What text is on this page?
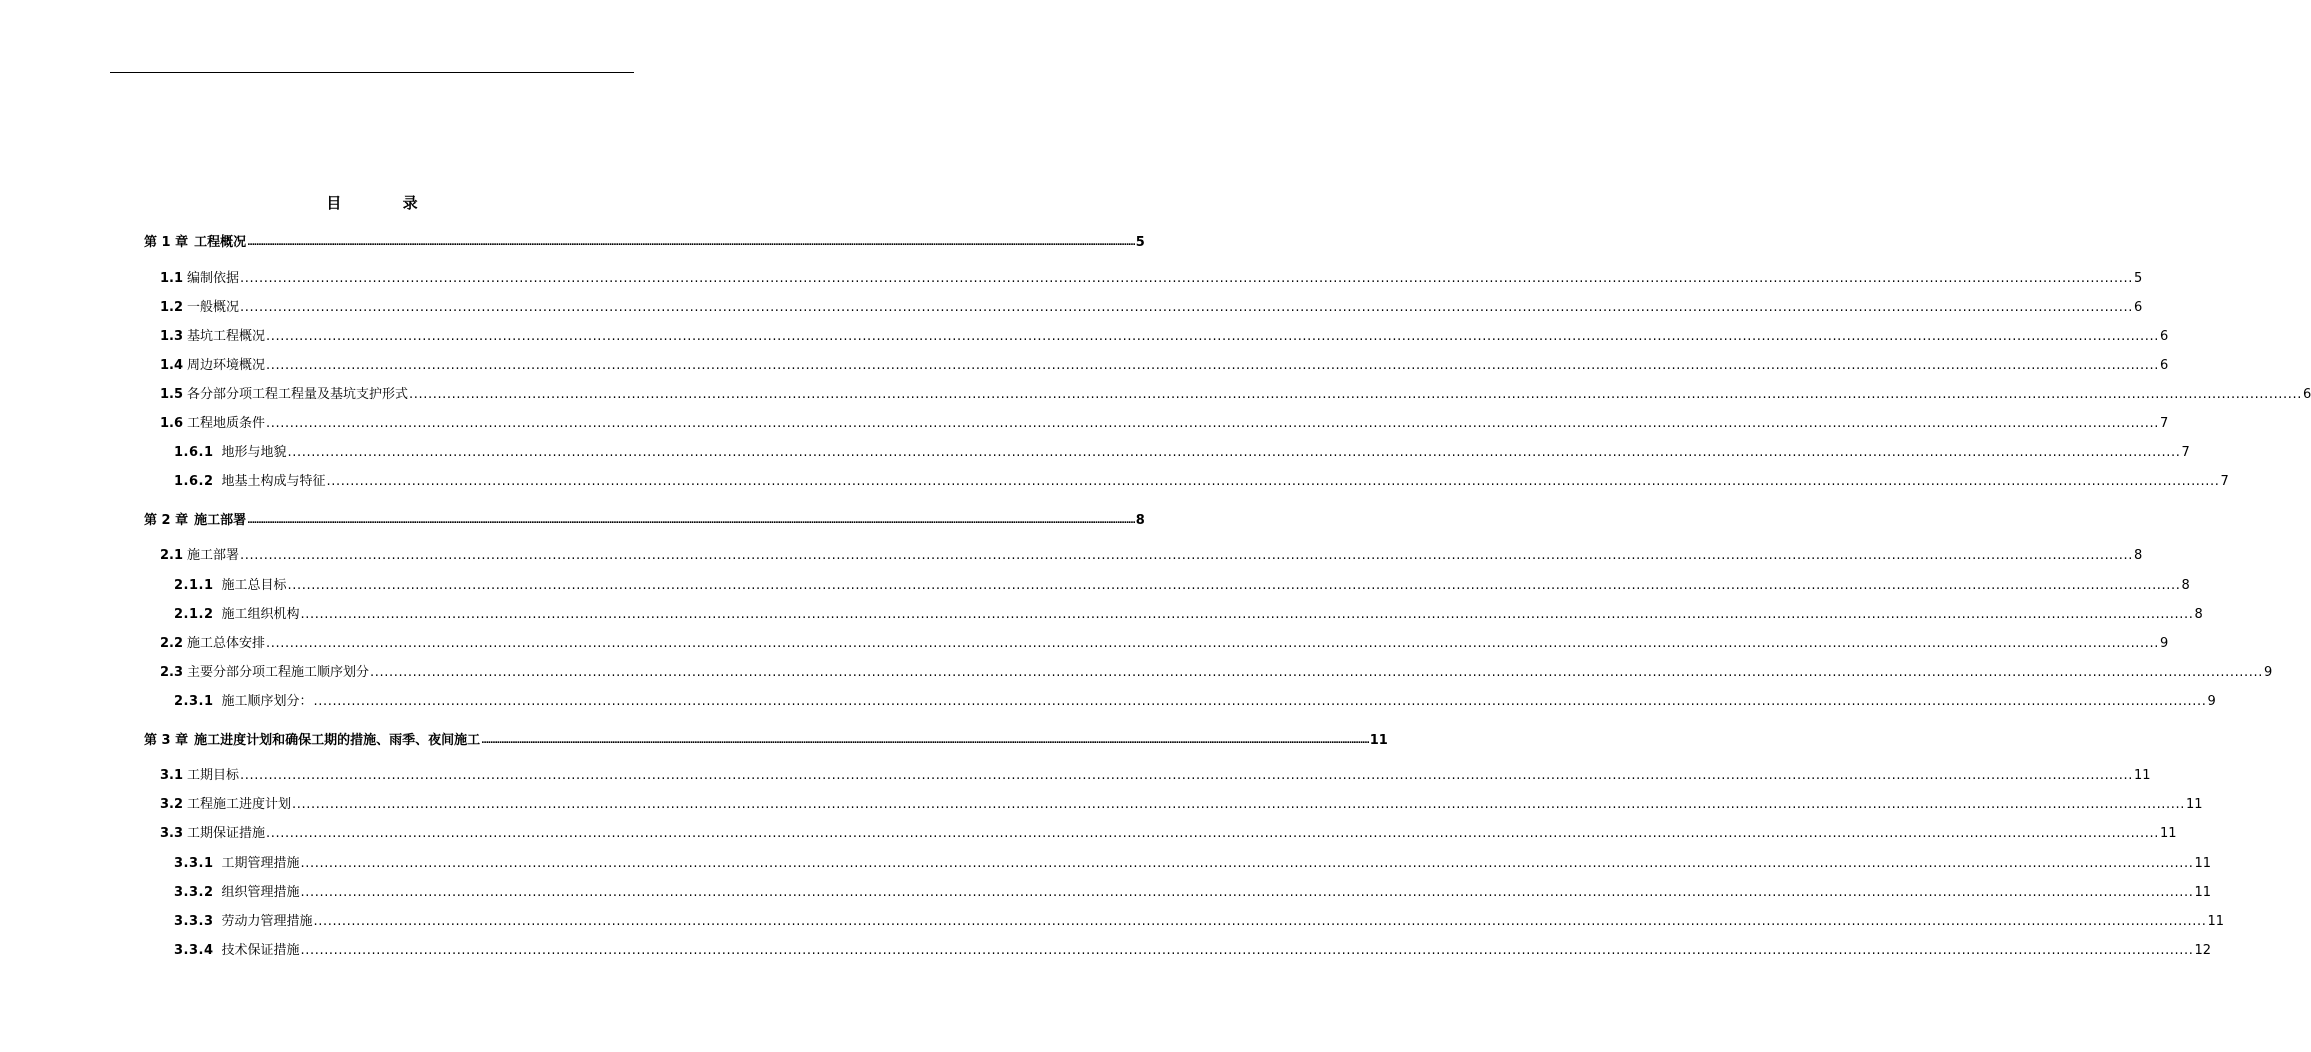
目 录
第 1 章 工程概况 ................................................................................................................................................................................................................................................................................................................................................................................................................ 5
1.1 编制依据 ................................................................................................................................................................................................................................................................................................................................................................................................................ 5
1.2 一般概况 ................................................................................................................................................................................................................................................................................................................................................................................................................ 6
1.3 基坑工程概况 ................................................................................................................................................................................................................................................................................................................................................................................................................ 6
1.4 周边环境概况 ................................................................................................................................................................................................................................................................................................................................................................................................................ 6
1.5 各分部分项工程工程量及基坑支护形式 ................................................................................................................................................................................................................................................................................................................................................................................................................ 6
1.6 工程地质条件 ................................................................................................................................................................................................................................................................................................................................................................................................................ 7
1.6.1 地形与地貌 ................................................................................................................................................................................................................................................................................................................................................................................................................ 7
1.6.2 地基土构成与特征 ................................................................................................................................................................................................................................................................................................................................................................................................................ 7
第 2 章 施工部署 ................................................................................................................................................................................................................................................................................................................................................................................................................ 8
2.1 施工部署 ................................................................................................................................................................................................................................................................................................................................................................................................................ 8
2.1.1 施工总目标 ................................................................................................................................................................................................................................................................................................................................................................................................................ 8
2.1.2 施工组织机构 ................................................................................................................................................................................................................................................................................................................................................................................................................ 8
2.2 施工总体安排 ................................................................................................................................................................................................................................................................................................................................................................................................................ 9
2.3 主要分部分项工程施工顺序划分 ................................................................................................................................................................................................................................................................................................................................................................................................................ 9
2.3.1 施工顺序划分： ................................................................................................................................................................................................................................................................................................................................................................................................................ 9
第 3 章 施工进度计划和确保工期的措施、雨季、夜间施工 ................................................................................................................................................................................................................................................................................................................................................................................................................ 11
3.1 工期目标 ................................................................................................................................................................................................................................................................................................................................................................................................................ 11
3.2 工程施工进度计划 ................................................................................................................................................................................................................................................................................................................................................................................................................ 11
3.3 工期保证措施 ................................................................................................................................................................................................................................................................................................................................................................................................................ 11
3.3.1 工期管理措施 ................................................................................................................................................................................................................................................................................................................................................................................................................ 11
3.3.2 组织管理措施 ................................................................................................................................................................................................................................................................................................................................................................................................................ 11
3.3.3 劳动力管理措施 ................................................................................................................................................................................................................................................................................................................................................................................................................ 11
3.3.4 技术保证措施 ................................................................................................................................................................................................................................................................................................................................................................................................................ 12
